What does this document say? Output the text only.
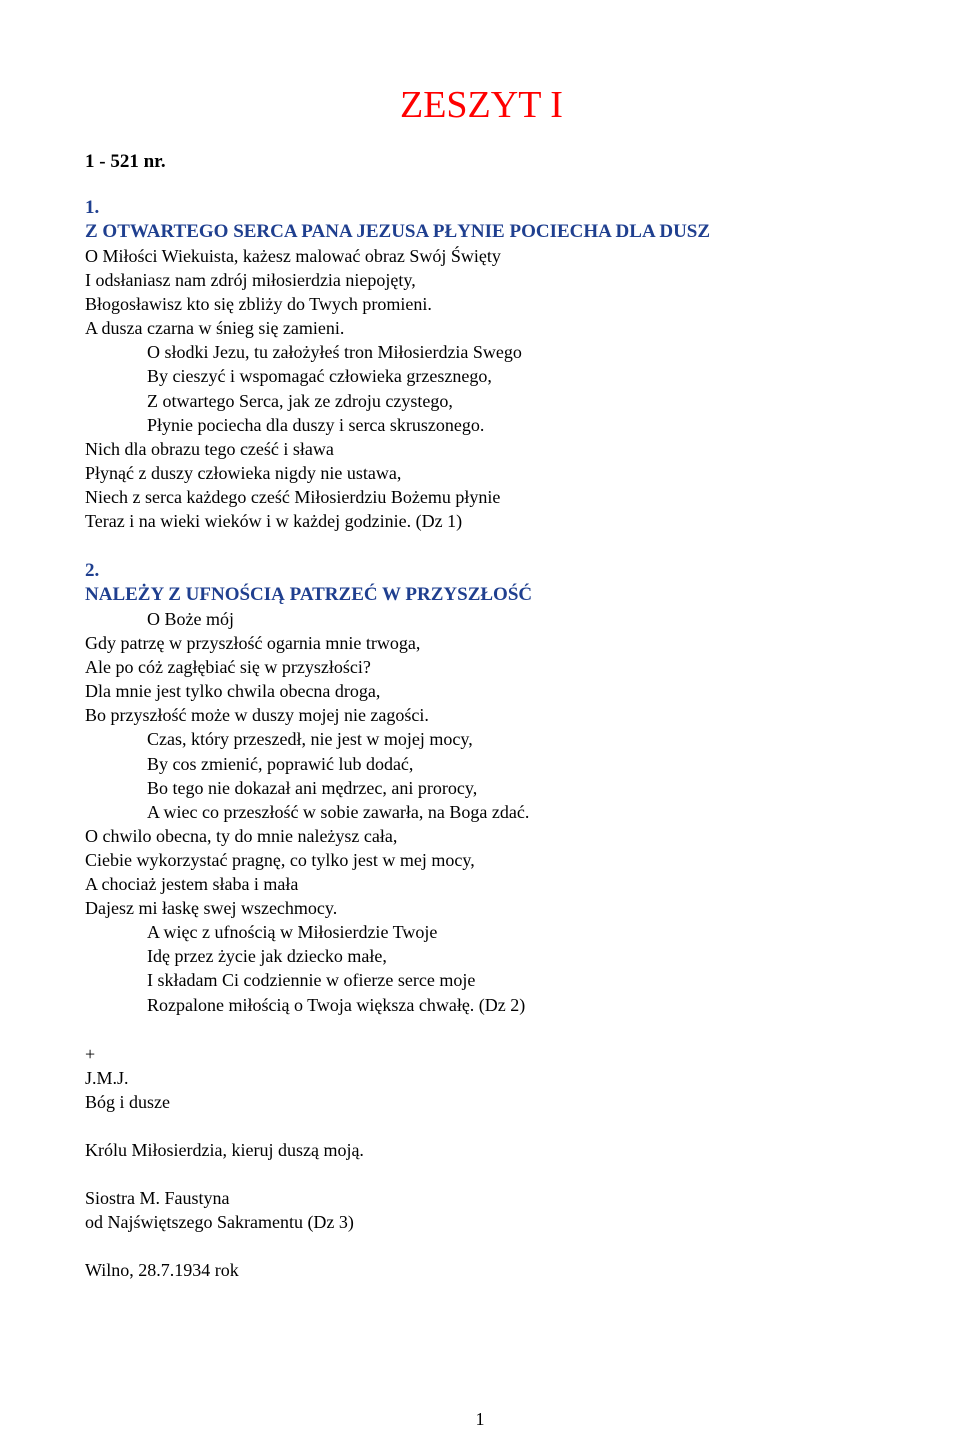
ZESZYT I

1 - 521 nr.

1.
Z OTWARTEGO SERCA PANA JEZUSA PŁYNIE POCIECHA DLA DUSZ
O Miłości Wiekuista, każesz malować obraz Swój Święty
I odsłaniasz nam zdrój miłosierdzia niepojęty,
Błogosławisz kto się zbliży do Twych promieni.
A dusza czarna w śnieg się zamieni.
O słodki Jezu, tu założyłeś tron Miłosierdzia Swego
By cieszyć i wspomagać człowieka grzesznego,
Z otwartego Serca, jak ze zdroju czystego,
Płynie pociecha dla duszy i serca skruszonego.
Nich dla obrazu tego cześć i sława
Płynąć z duszy człowieka nigdy nie ustawa,
Niech z serca każdego cześć Miłosierdziu Bożemu płynie
Teraz i na wieki wieków i w każdej godzinie. (Dz 1)
2.
NALEŻY Z UFNOŚCIĄ PATRZEĆ W PRZYSZŁOŚĆ
O Boże mój
Gdy patrzę w przyszłość ogarnia mnie trwoga,
Ale po cóż zagłębiać się w przyszłości?
Dla mnie jest tylko chwila obecna droga,
Bo przyszłość może w duszy mojej nie zagości.
Czas, który przeszedł, nie jest w mojej mocy,
By cos zmienić, poprawić lub dodać,
Bo tego nie dokazał ani mędrzec, ani prorocy,
A wiec co przeszłość w sobie zawarła, na Boga zdać.
O chwilo obecna, ty do mnie należysz cała,
Ciebie wykorzystać pragnę, co tylko jest w mej mocy,
A chociaż jestem słaba i mała
Dajesz mi łaskę swej wszechmocy.
A więc z ufnością w Miłosierdzie Twoje
Idę przez życie jak dziecko małe,
I składam Ci codziennie w ofierze serce moje
Rozpalone miłością o Twoja większa chwałę. (Dz 2)
+
J.M.J.
Bóg i dusze
Królu Miłosierdzia, kieruj duszą moją.
Siostra M. Faustyna
od Najświętszego Sakramentu (Dz 3)
Wilno, 28.7.1934 rok
1
